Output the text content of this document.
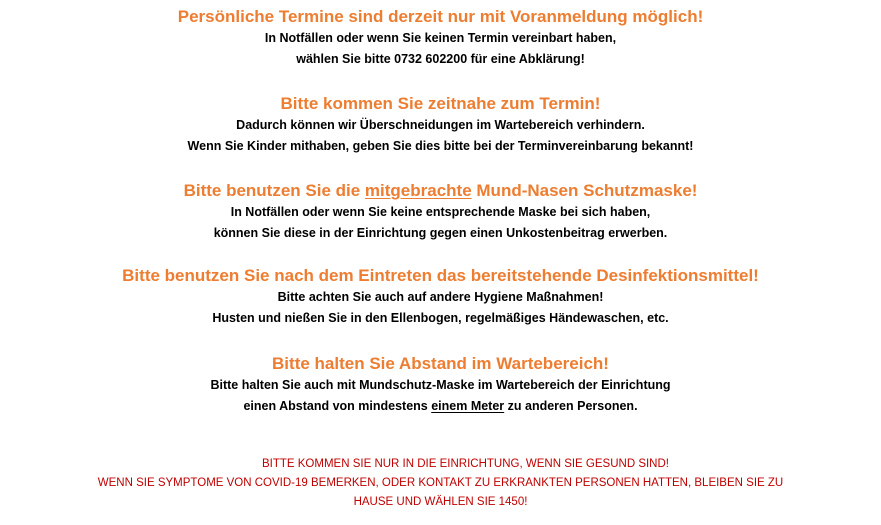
Persönliche Termine sind derzeit nur mit Voranmeldung möglich!
In Notfällen oder wenn Sie keinen Termin vereinbart haben,
wählen Sie bitte 0732 602200 für eine Abklärung!
Bitte kommen Sie zeitnahe zum Termin!
Dadurch können wir Überschneidungen im Wartebereich verhindern.
Wenn Sie Kinder mithaben, geben Sie dies bitte bei der Terminvereinbarung bekannt!
Bitte benutzen Sie die mitgebrachte Mund-Nasen Schutzmaske!
In Notfällen oder wenn Sie keine entsprechende Maske bei sich haben,
können Sie diese in der Einrichtung gegen einen Unkostenbeitrag erwerben.
Bitte benutzen Sie nach dem Eintreten das bereitstehende Desinfektionsmittel!
Bitte achten Sie auch auf andere Hygiene Maßnahmen!
Husten und nießen Sie in den Ellenbogen, regelmäßiges Händewaschen, etc.
Bitte halten Sie Abstand im Wartebereich!
Bitte halten Sie auch mit Mundschutz-Maske im Wartebereich der Einrichtung
einen Abstand von mindestens einem Meter zu anderen Personen.
BITTE KOMMEN SIE NUR IN DIE EINRICHTUNG, WENN SIE GESUND SIND!
WENN SIE SYMPTOME VON COVID-19 BEMERKEN, ODER KONTAKT ZU ERKRANKTEN PERSONEN HATTEN, BLEIBEN SIE ZU
HAUSE UND WÄHLEN SIE 1450!
